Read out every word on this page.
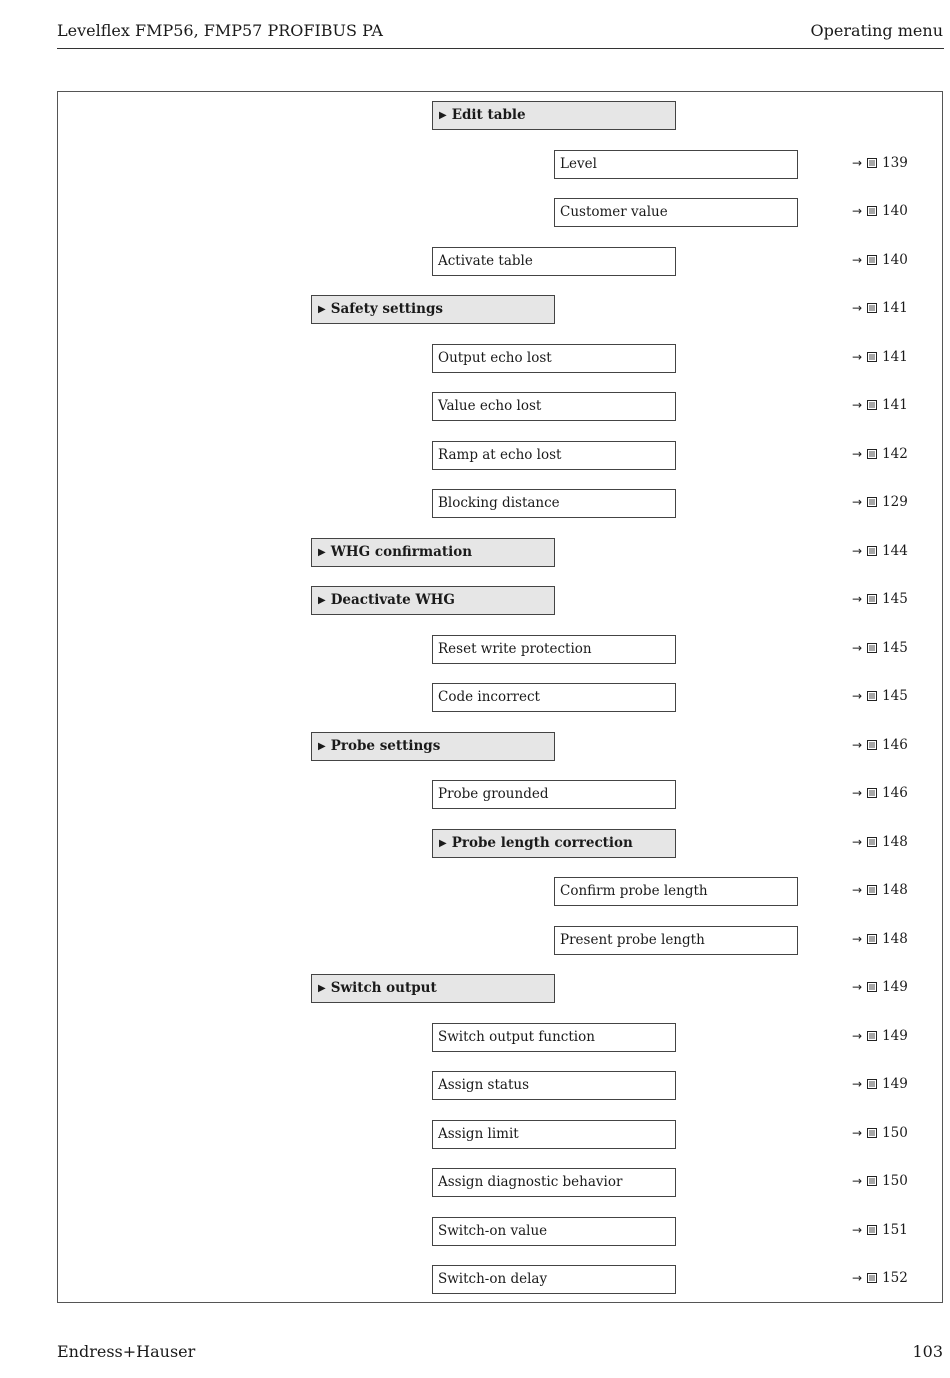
Levelflex FMP56, FMP57 PROFIBUS PA	Operating menu
▶ Edit table
Level	→ 139
Customer value	→ 140
Activate table	→ 140
▶ Safety settings	→ 141
Output echo lost	→ 141
Value echo lost	→ 141
Ramp at echo lost	→ 142
Blocking distance	→ 129
▶ WHG confirmation	→ 144
▶ Deactivate WHG	→ 145
Reset write protection	→ 145
Code incorrect	→ 145
▶ Probe settings	→ 146
Probe grounded	→ 146
▶ Probe length correction	→ 148
Confirm probe length	→ 148
Present probe length	→ 148
▶ Switch output	→ 149
Switch output function	→ 149
Assign status	→ 149
Assign limit	→ 150
Assign diagnostic behavior	→ 150
Switch-on value	→ 151
Switch-on delay	→ 152
Endress+Hauser	103
